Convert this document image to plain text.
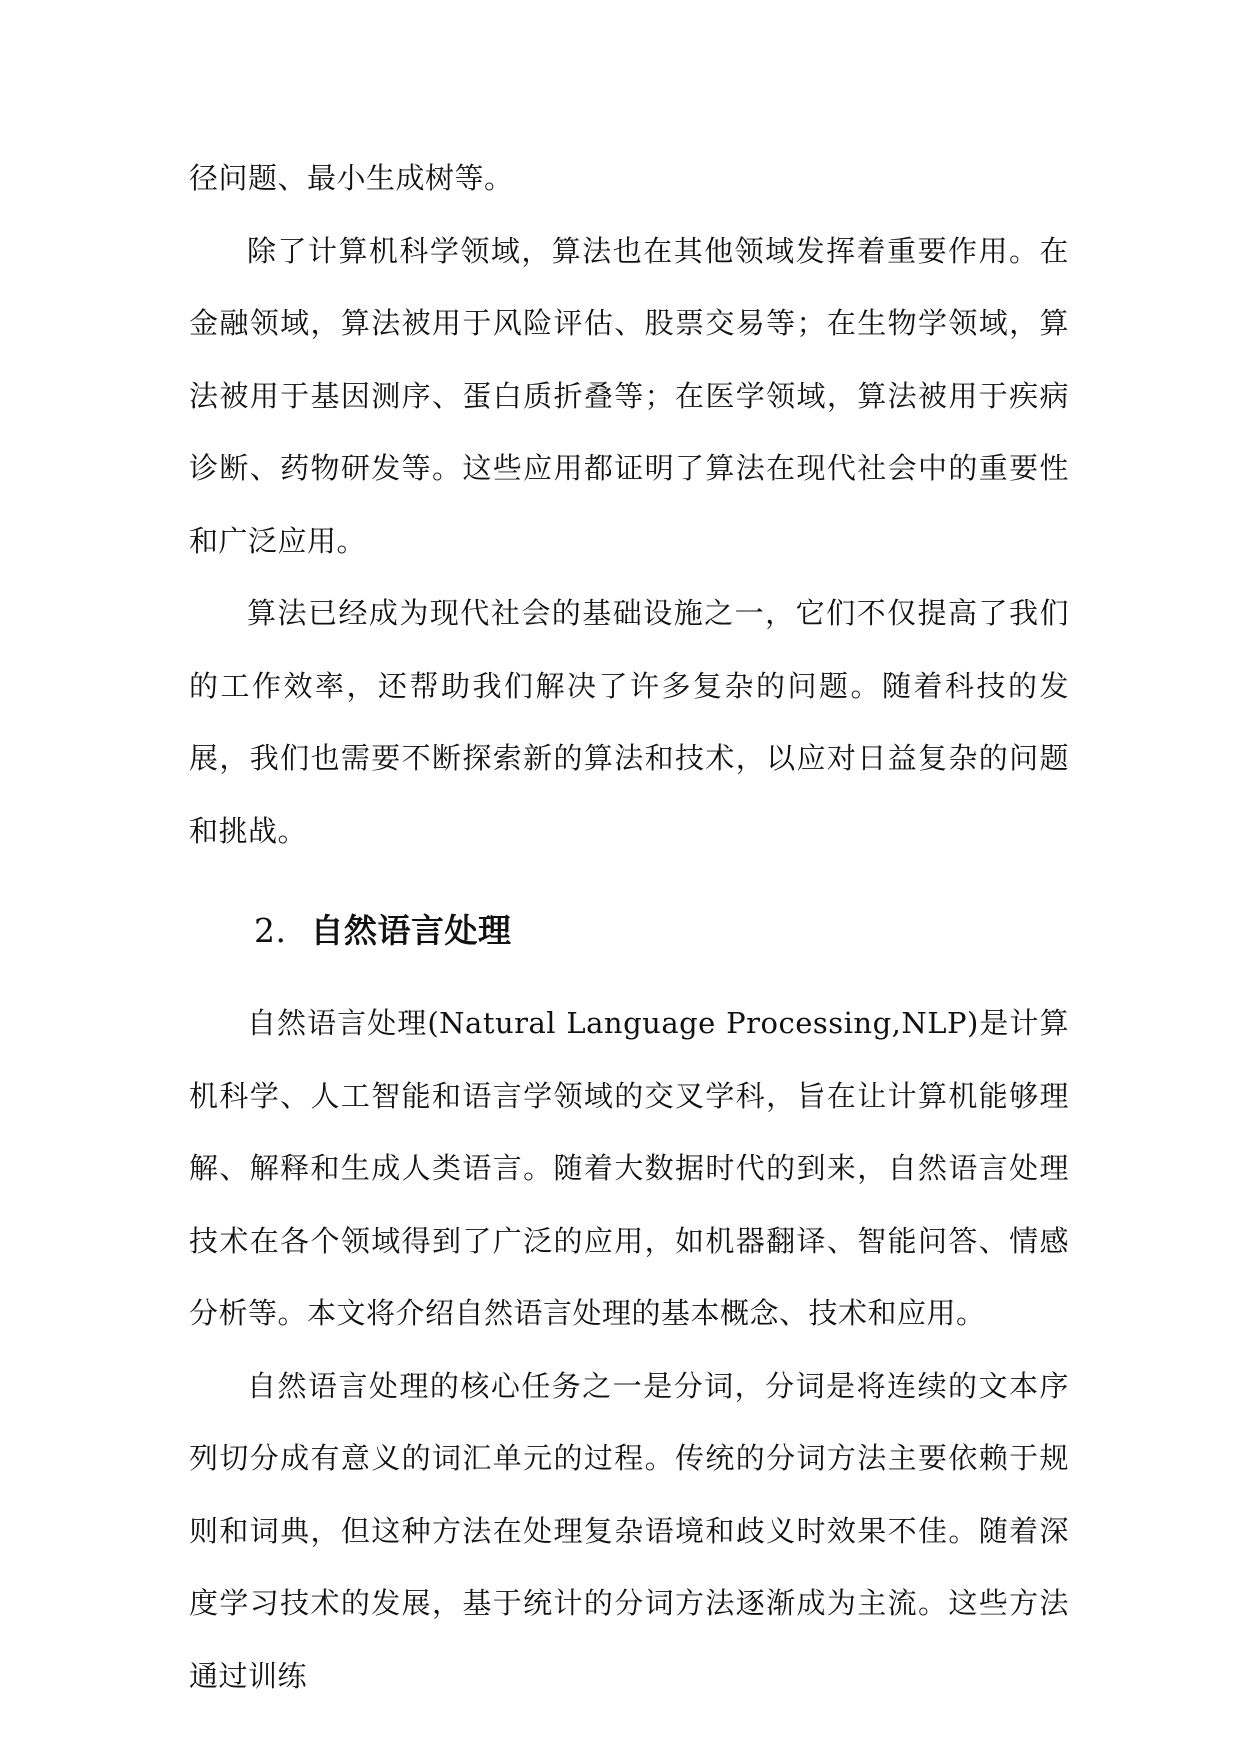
径问题、最小生成树等。

除了计算机科学领域，算法也在其他领域发挥着重要作用。在金融领域，算法被用于风险评估、股票交易等；在生物学领域，算法被用于基因测序、蛋白质折叠等；在医学领域，算法被用于疾病诊断、药物研发等。这些应用都证明了算法在现代社会中的重要性和广泛应用。

算法已经成为现代社会的基础设施之一，它们不仅提高了我们的工作效率，还帮助我们解决了许多复杂的问题。随着科技的发展，我们也需要不断探索新的算法和技术，以应对日益复杂的问题和挑战。

2. 自然语言处理

自然语言处理(Natural Language Processing,NLP)是计算机科学、人工智能和语言学领域的交叉学科，旨在让计算机能够理解、解释和生成人类语言。随着大数据时代的到来，自然语言处理技术在各个领域得到了广泛的应用，如机器翻译、智能问答、情感分析等。本文将介绍自然语言处理的基本概念、技术和应用。

自然语言处理的核心任务之一是分词，分词是将连续的文本序列切分成有意义的词汇单元的过程。传统的分词方法主要依赖于规则和词典，但这种方法在处理复杂语境和歧义时效果不佳。随着深度学习技术的发展，基于统计的分词方法逐渐成为主流。这些方法通过训练
